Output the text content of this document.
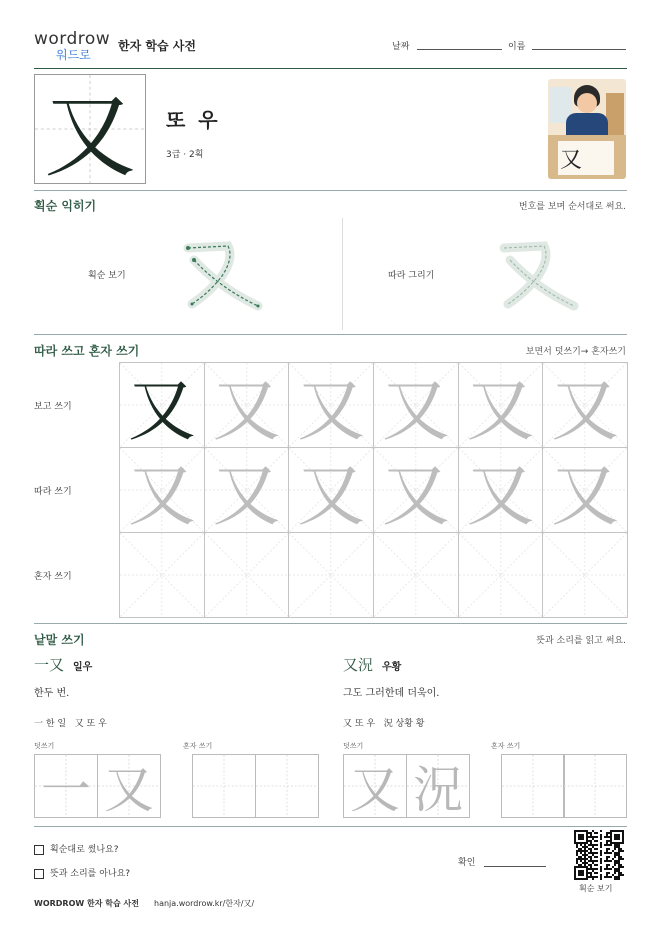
wordrow
워드로
한자 학습 사전	날짜	이름
又	또 우
3급 · 2획	又
획순 익히기	번호를 보며 순서대로 써요.
획순 보기	따라 그리기
따라 쓰고 혼자 쓰기	보면서 덧쓰기→ 혼자쓰기
보고 쓰기
따라 쓰기
혼자 쓰기
又 又 又 又 又 又
又 又 又 又 又 又
낱말 쓰기	뜻과 소리를 읽고 써요.
一又 일우
한두 번.
一 한 일   又 또 우
덧쓰기	혼자 쓰기
一 又
又況 우황
그도 그러한데 더욱이.
又 또 우   況 상황 황
덧쓰기	혼자 쓰기
又 況
획순대로 썼나요?
뜻과 소리를 아나요?
확인
획순 보기
WORDROW 한자 학습 사전 hanja.wordrow.kr/한자/又/
